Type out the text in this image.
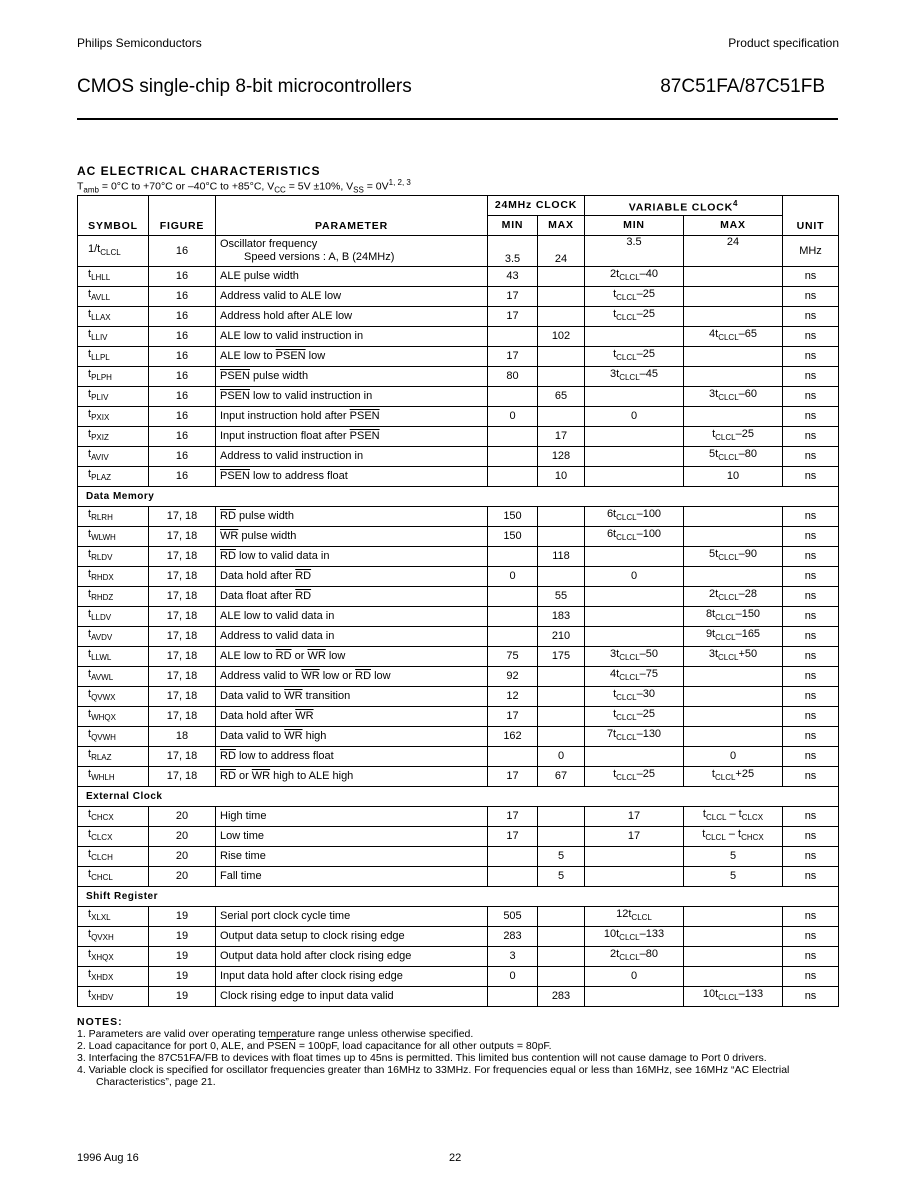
Philips Semiconductors	Product specification
CMOS single-chip 8-bit microcontrollers	87C51FA/87C51FB
AC ELECTRICAL CHARACTERISTICS
$T_{amb} = 0^\circ C$ to +70°C or –40°C to +85°C, $V_{CC} = 5V \pm 10\%$, $V_{SS} = 0V^{1, 2, 3}$
SYMBOL	FIGURE	PARAMETER	24MHz CLOCK		VARIABLE CLOCK$^4$		UNIT
			MIN	MAX	MIN	MAX	
$1/t_{CLCL}$	16	Oscillator frequency
Speed versions : A, B (24MHz)	3.5	24	3.5	24	MHz
$t_{LHLL}$	16	ALE pulse width	43		$2t_{CLCL}-40$		ns
$t_{AVLL}$	16	Address valid to ALE low	17		$t_{CLCL}-25$		ns
$t_{LLAX}$	16	Address hold after ALE low	17		$t_{CLCL}-25$		ns
$t_{LLIV}$	16	ALE low to valid instruction in		102		$4t_{CLCL}-65$	ns
$t_{LLPL}$	16	ALE low to PSEN low	17		$t_{CLCL}-25$		ns
$t_{PLPH}$	16	PSEN pulse width	80		$3t_{CLCL}-45$		ns
$t_{PLIV}$	16	PSEN low to valid instruction in		65		$3t_{CLCL}-60$	ns
$t_{PXIX}$	16	Input instruction hold after PSEN	0		0		ns
$t_{PXIZ}$	16	Input instruction float after PSEN		17		$t_{CLCL}-25$	ns
$t_{AVIV}$	16	Address to valid instruction in		128		$5t_{CLCL}-80$	ns
$t_{PLAZ}$	16	PSEN low to address float		10		10	ns
Data Memory							
$t_{RLRH}$	17, 18	$\overline{RD}$ pulse width	150		$6t_{CLCL}-100$		ns
$t_{WLWH}$	17, 18	$\overline{WR}$ pulse width	150		$6t_{CLCL}-100$		ns
$t_{RLDV}$	17, 18	$\overline{RD}$ low to valid data in		118		$5t_{CLCL}-90$	ns
$t_{RHDX}$	17, 18	Data hold after $\overline{RD}$	0		0		ns
$t_{RHDZ}$	17, 18	Data float after $\overline{RD}$		55		$2t_{CLCL}-28$	ns
$t_{LLDV}$	17, 18	ALE low to valid data in		183		$8t_{CLCL}-150$	ns
$t_{AVDV}$	17, 18	Address to valid data in		210		$9t_{CLCL}-165$	ns
$t_{LLWL}$	17, 18	ALE low to $\overline{RD}$ or $\overline{WR}$ low	75	175	$3t_{CLCL}-50$	$3t_{CLCL}+50$	ns
$t_{AVWL}$	17, 18	Address valid to $\overline{WR}$ low or $\overline{RD}$ low	92		$4t_{CLCL}-75$		ns
$t_{QVWX}$	17, 18	Data valid to $\overline{WR}$ transition	12		$t_{CLCL}-30$		ns
$t_{WHQX}$	17, 18	Data hold after $\overline{WR}$	17		$t_{CLCL}-25$		ns
$t_{QVWH}$	18	Data valid to $\overline{WR}$ high	162		$7t_{CLCL}-130$		ns
$t_{RLAZ}$	17, 18	$\overline{RD}$ low to address float		0		0	ns
$t_{WHLH}$	17, 18	$\overline{RD}$ or $\overline{WR}$ high to ALE high	17	67	$t_{CLCL}-25$	$t_{CLCL}+25$	ns
External Clock							
$t_{CHCX}$	20	High time	17		17	$t_{CLCL} - t_{CLCX}$	ns
$t_{CLCX}$	20	Low time	17		17	$t_{CLCL} - t_{CHCX}$	ns
$t_{CLCH}$	20	Rise time		5		5	ns
$t_{CHCL}$	20	Fall time		5		5	ns
Shift Register							
$t_{XLXL}$	19	Serial port clock cycle time	505		$12t_{CLCL}$		ns
$t_{QVXH}$	19	Output data setup to clock rising edge	283		$10t_{CLCL}-133$		ns
$t_{XHQX}$	19	Output data hold after clock rising edge	3		$2t_{CLCL}-80$		ns
$t_{XHDX}$	19	Input data hold after clock rising edge	0		0		ns
$t_{XHDV}$	19	Clock rising edge to input data valid		283		$10t_{CLCL}-133$	ns
NOTES:
1. Parameters are valid over operating temperature range unless otherwise specified.
2. Load capacitance for port 0, ALE, and PSEN = 100pF, load capacitance for all other outputs = 80pF.
3. Interfacing the 87C51FA/FB to devices with float times up to 45ns is permitted. This limited bus contention will not cause damage to Port 0 drivers.
4. Variable clock is specified for oscillator frequencies greater than 16MHz to 33MHz. For frequencies equal or less than 16MHz, see 16MHz “AC Electrial Characteristics”, page 21.
1996 Aug 16	22
